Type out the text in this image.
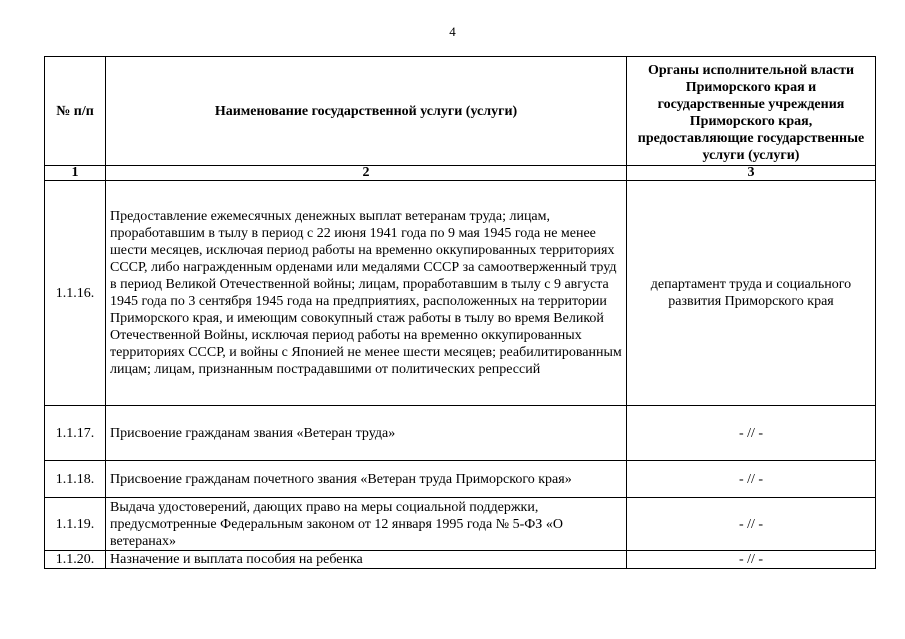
4
№ п/п	Наименование государственной услуги (услуги)	Органы исполнительной власти Приморского края и государственные учреждения Приморского края, предоставляющие государственные услуги (услуги)
1	2	3
1.1.16.	Предоставление ежемесячных денежных выплат ветеранам труда; лицам, проработавшим в тылу в период с 22 июня 1941 года по 9 мая 1945 года не менее шести месяцев, исключая период работы на временно оккупированных территориях СССР, либо награжденным орденами или медалями СССР за самоотверженный труд в период Великой Отечественной войны; лицам, проработавшим в тылу с 9 августа 1945 года по 3 сентября 1945 года на предприятиях, расположенных на территории Приморского края, и имеющим совокупный стаж работы в тылу во время Великой Отечественной Войны, исключая период работы на временно оккупированных территориях СССР, и войны с Японией не менее шести месяцев; реабилитированным лицам; лицам, признанным пострадавшими от политических репрессий	департамент труда и социального развития Приморского края
1.1.17.	Присвоение гражданам звания «Ветеран труда»	- // -
1.1.18.	Присвоение гражданам почетного звания «Ветеран труда Приморского края»	- // -
1.1.19.	Выдача удостоверений, дающих право на меры социальной поддержки, предусмотренные Федеральным законом от 12 января 1995 года № 5-ФЗ «О ветеранах»	- // -
1.1.20.	Назначение и выплата пособия на ребенка	- // -
